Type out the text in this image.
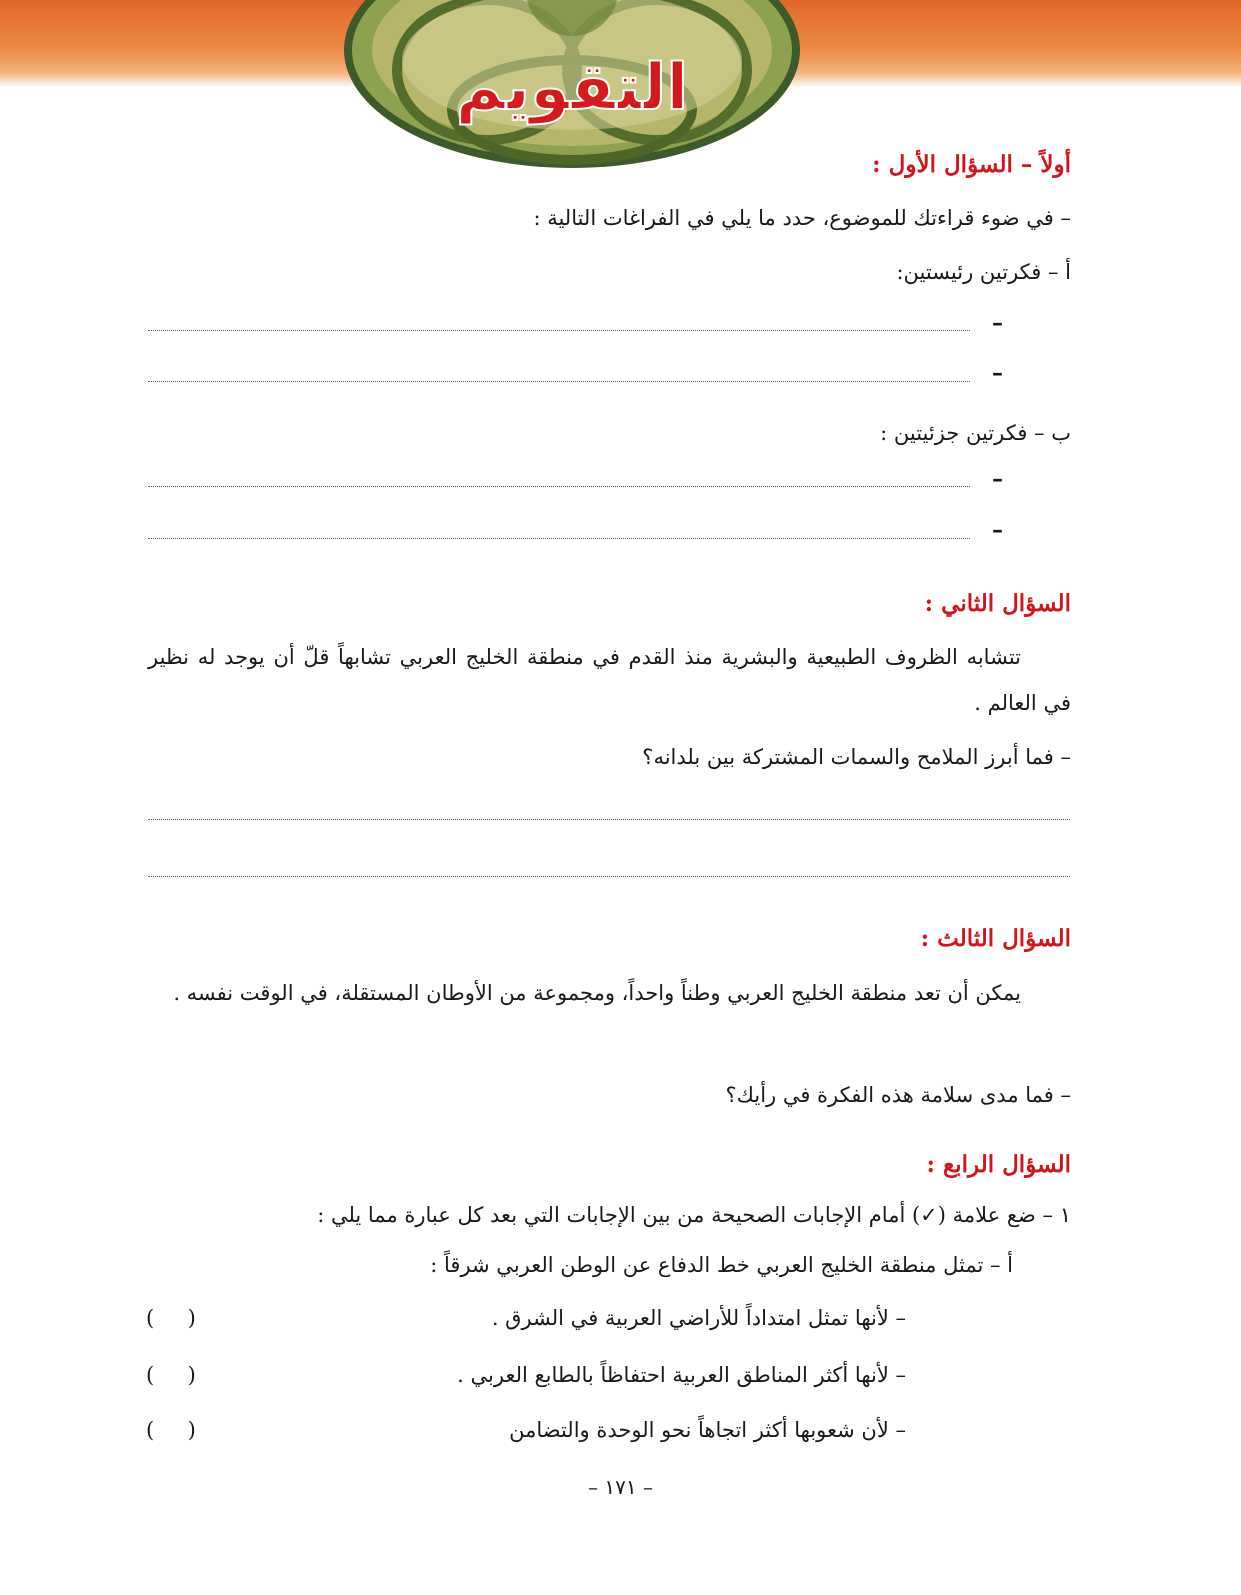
التقويم
أولاً – السؤال الأول :
– في ضوء قراءتك للموضوع، حدد ما يلي في الفراغات التالية :
أ – فكرتين رئيستين:
–
–
ب – فكرتين جزئيتين :
–
–
السؤال الثاني :
تتشابه الظروف الطبيعية والبشرية منذ القدم في منطقة الخليج العربي تشابهاً قلّ أن يوجد له نظير في العالم .
– فما أبرز الملامح والسمات المشتركة بين بلدانه؟
السؤال الثالث :
يمكن أن تعد منطقة الخليج العربي وطناً واحداً، ومجموعة من الأوطان المستقلة، في الوقت نفسه .
– فما مدى سلامة هذه الفكرة في رأيك؟
السؤال الرابع :
١ – ضع علامة (✓) أمام الإجابات الصحيحة من بين الإجابات التي بعد كل عبارة مما يلي :
أ – تمثل منطقة الخليج العربي خط الدفاع عن الوطن العربي شرقاً :
– لأنها تمثل امتداداً للأراضي العربية في الشرق .
(     )
– لأنها أكثر المناطق العربية احتفاظاً بالطابع العربي .
(     )
– لأن شعوبها أكثر اتجاهاً نحو الوحدة والتضامن
(     )
– ١٧١ –
